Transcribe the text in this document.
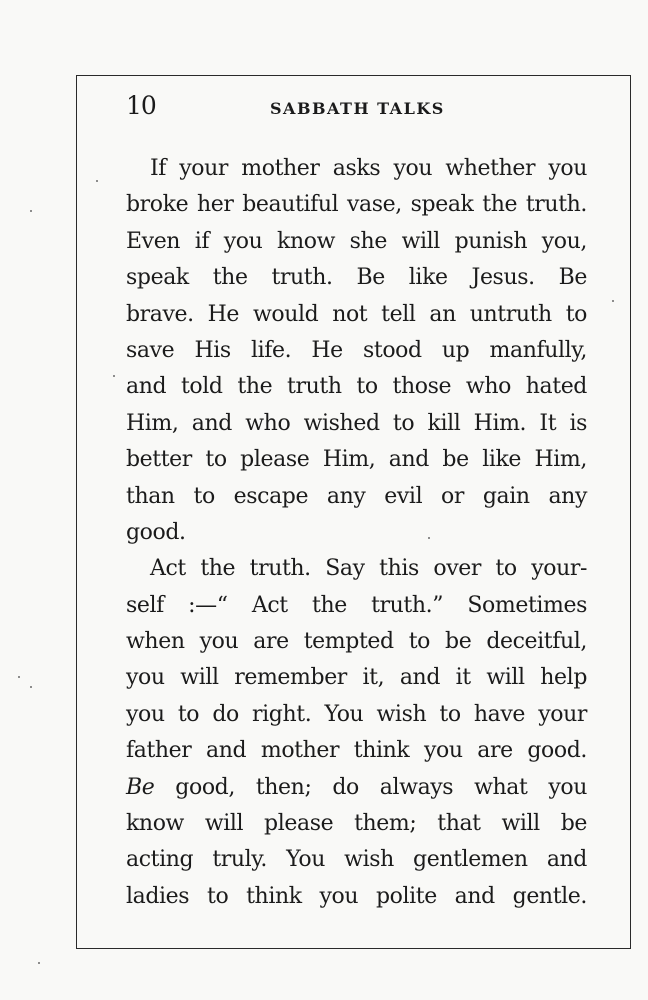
10	SABBATH TALKS
If your mother asks you whether you
broke her beautiful vase, speak the truth.
Even if you know she will punish you,
speak the truth. Be like Jesus. Be
brave. He would not tell an untruth to
save His life. He stood up manfully,
and told the truth to those who hated
Him, and who wished to kill Him. It is
better to please Him, and be like Him,
than to escape any evil or gain any
good.
Act the truth. Say this over to your-
self :—“ Act the truth.” Sometimes
when you are tempted to be deceitful,
you will remember it, and it will help
you to do right. You wish to have your
father and mother think you are good.
Be good, then; do always what you
know will please them; that will be
acting truly. You wish gentlemen and
ladies to think you polite and gentle.
